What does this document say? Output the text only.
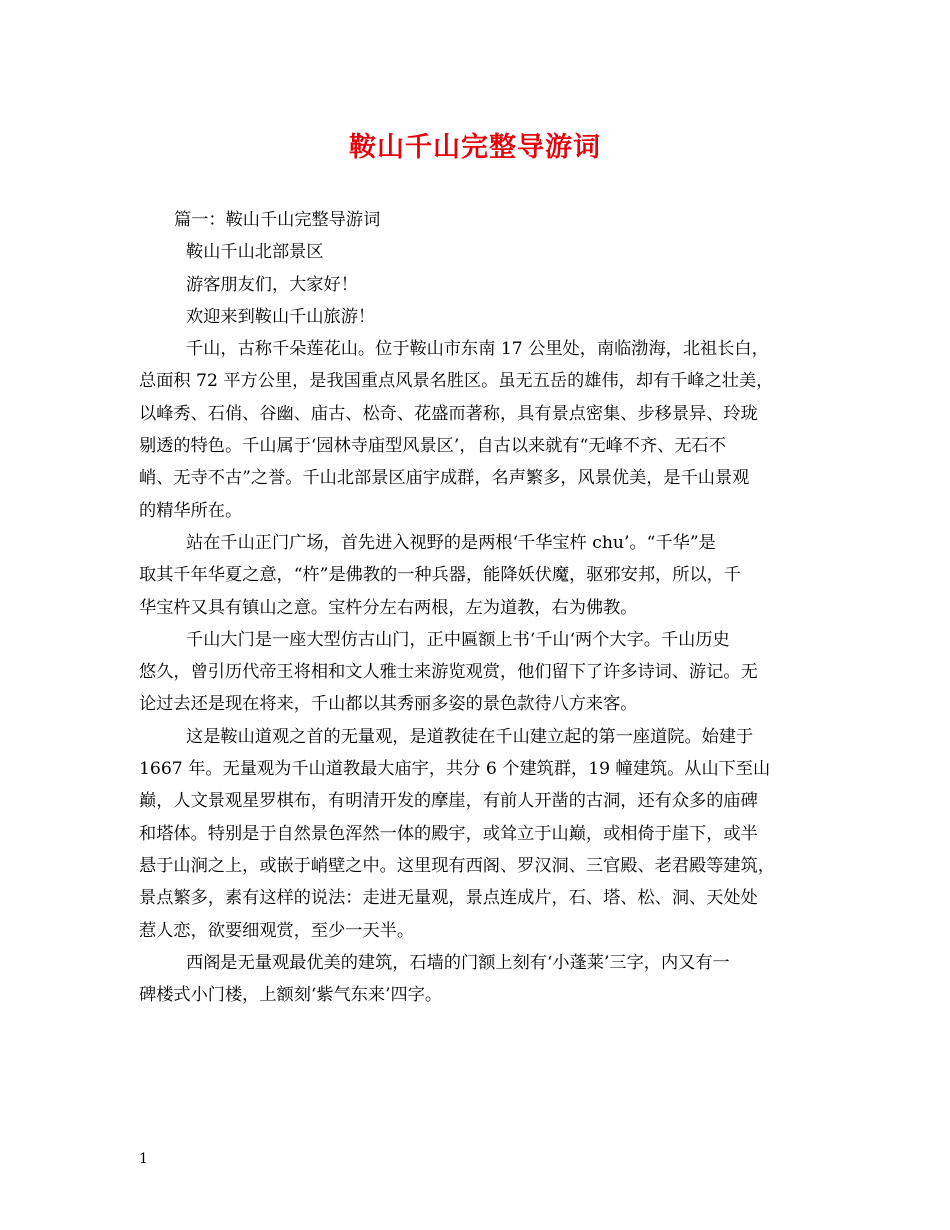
鞍山千山完整导游词

篇一：鞍山千山完整导游词

鞍山千山北部景区

游客朋友们，大家好！

欢迎来到鞍山千山旅游！

千山，古称千朵莲花山。位于鞍山市东南 17 公里处，南临渤海，北祖长白，

总面积 72 平方公里，是我国重点风景名胜区。虽无五岳的雄伟，却有千峰之壮美，

以峰秀、石俏、谷幽、庙古、松奇、花盛而著称，具有景点密集、步移景异、玲珑

剔透的特色。千山属于‘园林寺庙型风景区’，自古以来就有“无峰不齐、无石不

峭、无寺不古”之誉。千山北部景区庙宇成群，名声繁多，风景优美，是千山景观

的精华所在。

站在千山正门广场，首先进入视野的是两根‘千华宝杵 chu’。“千华”是

取其千年华夏之意，“杵”是佛教的一种兵器，能降妖伏魔，驱邪安邦，所以，千

华宝杵又具有镇山之意。宝杵分左右两根，左为道教，右为佛教。

千山大门是一座大型仿古山门，正中匾额上书‘千山‘两个大字。千山历史

悠久，曾引历代帝王将相和文人雅士来游览观赏，他们留下了许多诗词、游记。无

论过去还是现在将来，千山都以其秀丽多姿的景色款待八方来客。

这是鞍山道观之首的无量观，是道教徒在千山建立起的第一座道院。始建于

1667 年。无量观为千山道教最大庙宇，共分 6 个建筑群，19 幢建筑。从山下至山

巅，人文景观星罗棋布，有明清开发的摩崖，有前人开凿的古洞，还有众多的庙碑

和塔体。特别是于自然景色浑然一体的殿宇，或耸立于山巅，或相倚于崖下，或半

悬于山涧之上，或嵌于峭壁之中。这里现有西阁、罗汉洞、三官殿、老君殿等建筑，

景点繁多，素有这样的说法：走进无量观，景点连成片，石、塔、松、洞、天处处

惹人恋，欲要细观赏，至少一天半。

西阁是无量观最优美的建筑，石墙的门额上刻有‘小蓬莱’三字，内又有一

碑楼式小门楼，上额刻‘紫气东来’四字。

1
